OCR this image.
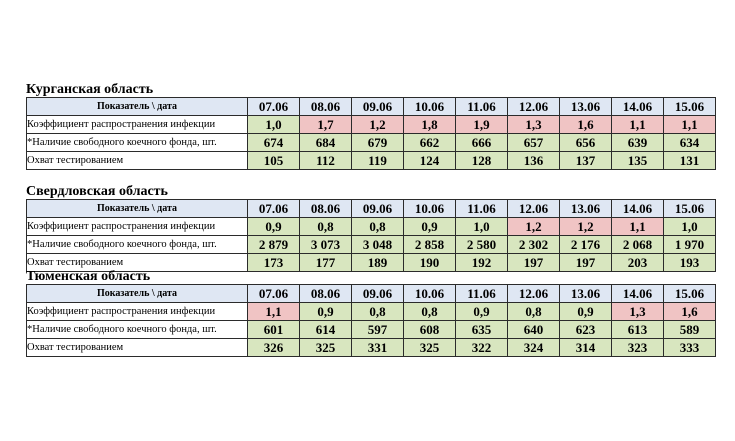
Курганская область
Показатель \ дата	07.06	08.06	09.06	10.06	11.06	12.06	13.06	14.06	15.06
Коэффициент распространения инфекции	1,0	1,7	1,2	1,8	1,9	1,3	1,6	1,1	1,1
*Наличие свободного коечного фонда, шт.	674	684	679	662	666	657	656	639	634
Охват тестированием	105	112	119	124	128	136	137	135	131
Свердловская область
Показатель \ дата	07.06	08.06	09.06	10.06	11.06	12.06	13.06	14.06	15.06
Коэффициент распространения инфекции	0,9	0,8	0,8	0,9	1,0	1,2	1,2	1,1	1,0
*Наличие свободного коечного фонда, шт.	2 879	3 073	3 048	2 858	2 580	2 302	2 176	2 068	1 970
Охват тестированием	173	177	189	190	192	197	197	203	193
Тюменская область
Показатель \ дата	07.06	08.06	09.06	10.06	11.06	12.06	13.06	14.06	15.06
Коэффициент распространения инфекции	1,1	0,9	0,8	0,8	0,9	0,8	0,9	1,3	1,6
*Наличие свободного коечного фонда, шт.	601	614	597	608	635	640	623	613	589
Охват тестированием	326	325	331	325	322	324	314	323	333
